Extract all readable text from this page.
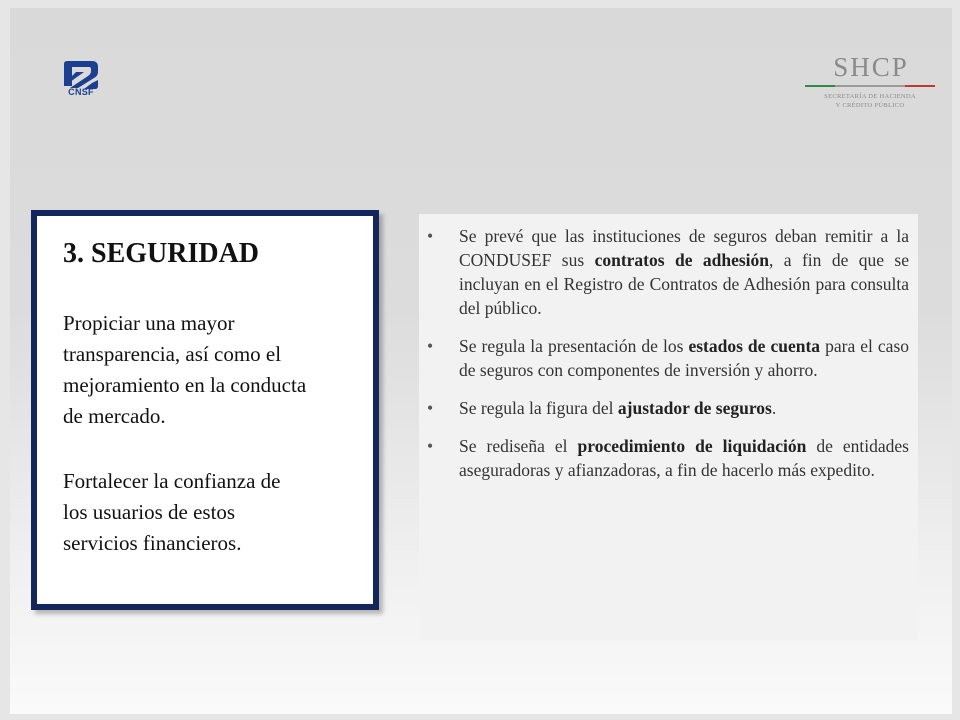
CNSF
SHCP
SECRETARÍA DE HACIENDA
Y CRÉDITO PÚBLICO
3. SEGURIDAD
Propiciar una mayor
transparencia, así como el
mejoramiento en la conducta
de mercado.
Fortalecer la confianza de
los usuarios de estos
servicios financieros.
• Se prevé que las instituciones de seguros deban remitir a la CONDUSEF sus contratos de adhesión, a fin de que se incluyan en el Registro de Contratos de Adhesión para consulta del público.
• Se regula la presentación de los estados de cuenta para el caso de seguros con componentes de inversión y ahorro.
• Se regula la figura del ajustador de seguros.
• Se rediseña el procedimiento de liquidación de entidades aseguradoras y afianzadoras, a fin de hacerlo más expedito.
